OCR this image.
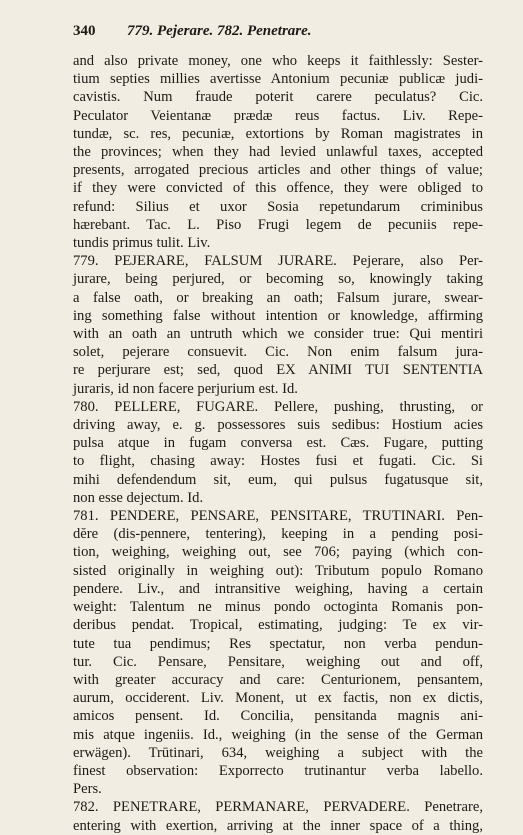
340	779. Pejerare. 782. Penetrare.
and also private money, one who keeps it faithlessly: Sester-
tium septies millies avertisse Antonium pecuniæ publicæ judi-
cavistis. Num fraude poterit carere peculatus? Cic.
Peculator Veientanæ prædæ reus factus. Liv. Repe-
tundæ, sc. res, pecuniæ, extortions by Roman magistrates in
the provinces; when they had levied unlawful taxes, accepted
presents, arrogated precious articles and other things of value;
if they were convicted of this offence, they were obliged to
refund: Silius et uxor Sosia repetundarum criminibus
hærebant. Tac. L. Piso Frugi legem de pecuniis repe-
tundis primus tulit. Liv.
779. PEJERARE, FALSUM JURARE. Pejerare, also Per-
jurare, being perjured, or becoming so, knowingly taking
a false oath, or breaking an oath; Falsum jurare, swear-
ing something false without intention or knowledge, affirming
with an oath an untruth which we consider true: Qui mentiri
solet, pejerare consuevit. Cic. Non enim falsum jura-
re perjurare est; sed, quod EX ANIMI TUI SENTENTIA
juraris, id non facere perjurium est. Id.
780. PELLERE, FUGARE. Pellere, pushing, thrusting, or
driving away, e. g. possessores suis sedibus: Hostium acies
pulsa atque in fugam conversa est. Cæs. Fugare, putting
to flight, chasing away: Hostes fusi et fugati. Cic. Si
mihi defendendum sit, eum, qui pulsus fugatusque sit,
non esse dejectum. Id.
781. PENDERE, PENSARE, PENSITARE, TRUTINARI. Pen-
dĕre (dis-pennere, tentering), keeping in a pending posi-
tion, weighing, weighing out, see 706; paying (which con-
sisted originally in weighing out): Tributum populo Romano
pendere. Liv., and intransitive weighing, having a certain
weight: Talentum ne minus pondo octoginta Romanis pon-
deribus pendat. Tropical, estimating, judging: Te ex vir-
tute tua pendimus; Res spectatur, non verba pendun-
tur. Cic. Pensare, Pensitare, weighing out and off,
with greater accuracy and care: Centurionem, pensantem,
aurum, occiderent. Liv. Monent, ut ex factis, non ex dictis,
amicos pensent. Id. Concilia, pensitanda magnis ani-
mis atque ingeniis. Id., weighing (in the sense of the German
erwägen). Trūtinari, 634, weighing a subject with the
finest observation: Exporrecto trutinantur verba labello.
Pers.
782. PENETRARE, PERMANARE, PERVADERE. Penetrare,
entering with exertion, arriving at the inner space of a thing,
